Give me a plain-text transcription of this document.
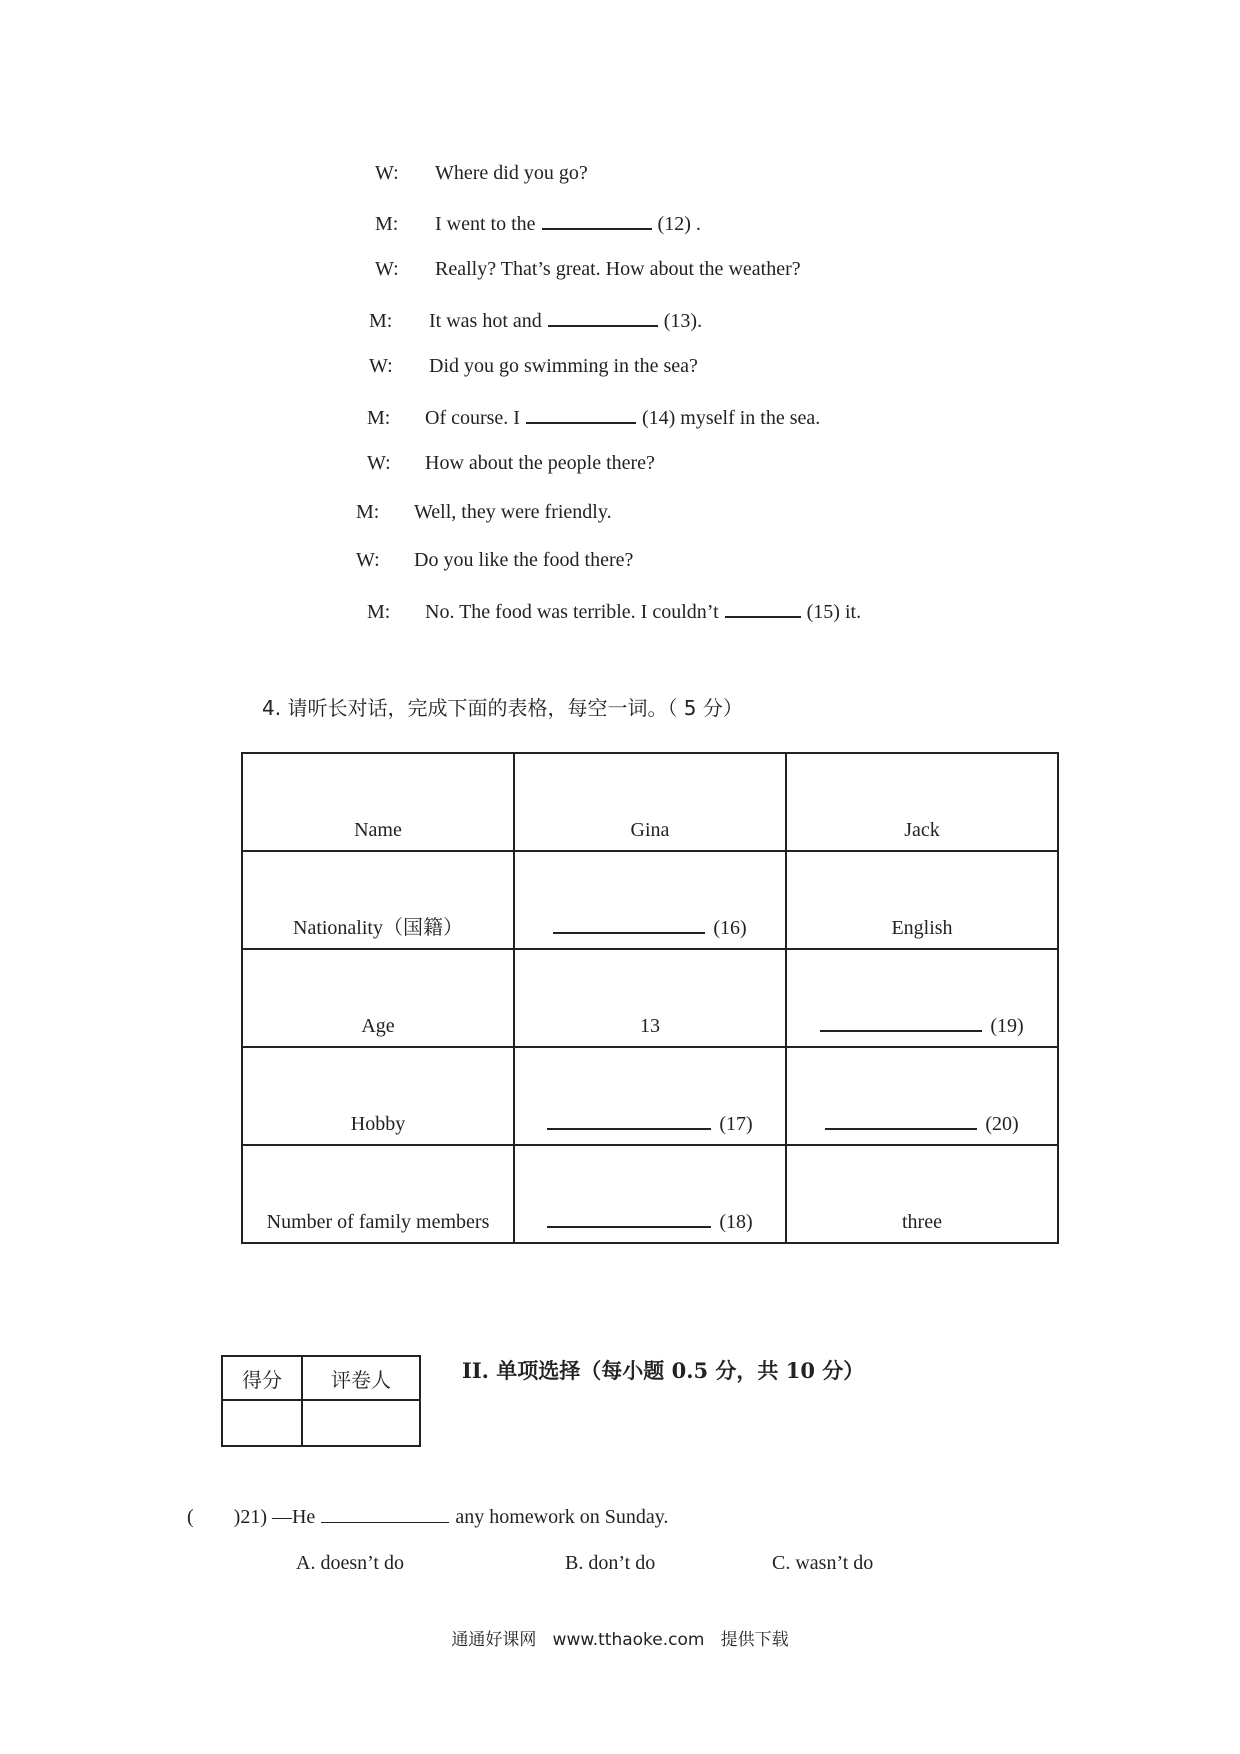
W: Where did you go?
M: I went to the	(12) .
W: Really? That’s great. How about the weather?
M: It was hot and	(13).
W: Did you go swimming in the sea?
M: Of course. I	(14) myself in the sea.
W: How about the people there?
M: Well, they were friendly.
W: Do you like the food there?
M: No. The food was terrible. I couldn’t	(15) it.
4. 请听长对话，完成下面的表格，每空一词。（ 5 分）
Name	Gina	Jack
Nationality（国籍）	(16)	English
Age	13	(19)
Hobby	(17)	(20)
Number of family members	(18)	three
得分	评卷人
		II. 单项选择（每小题 0.5 分，共 10 分）
(        )21) —He	any homework on Sunday.
A. doesn’t do	B. don’t do	C. wasn’t do
通通好课网   www.tthaoke.com   提供下载
